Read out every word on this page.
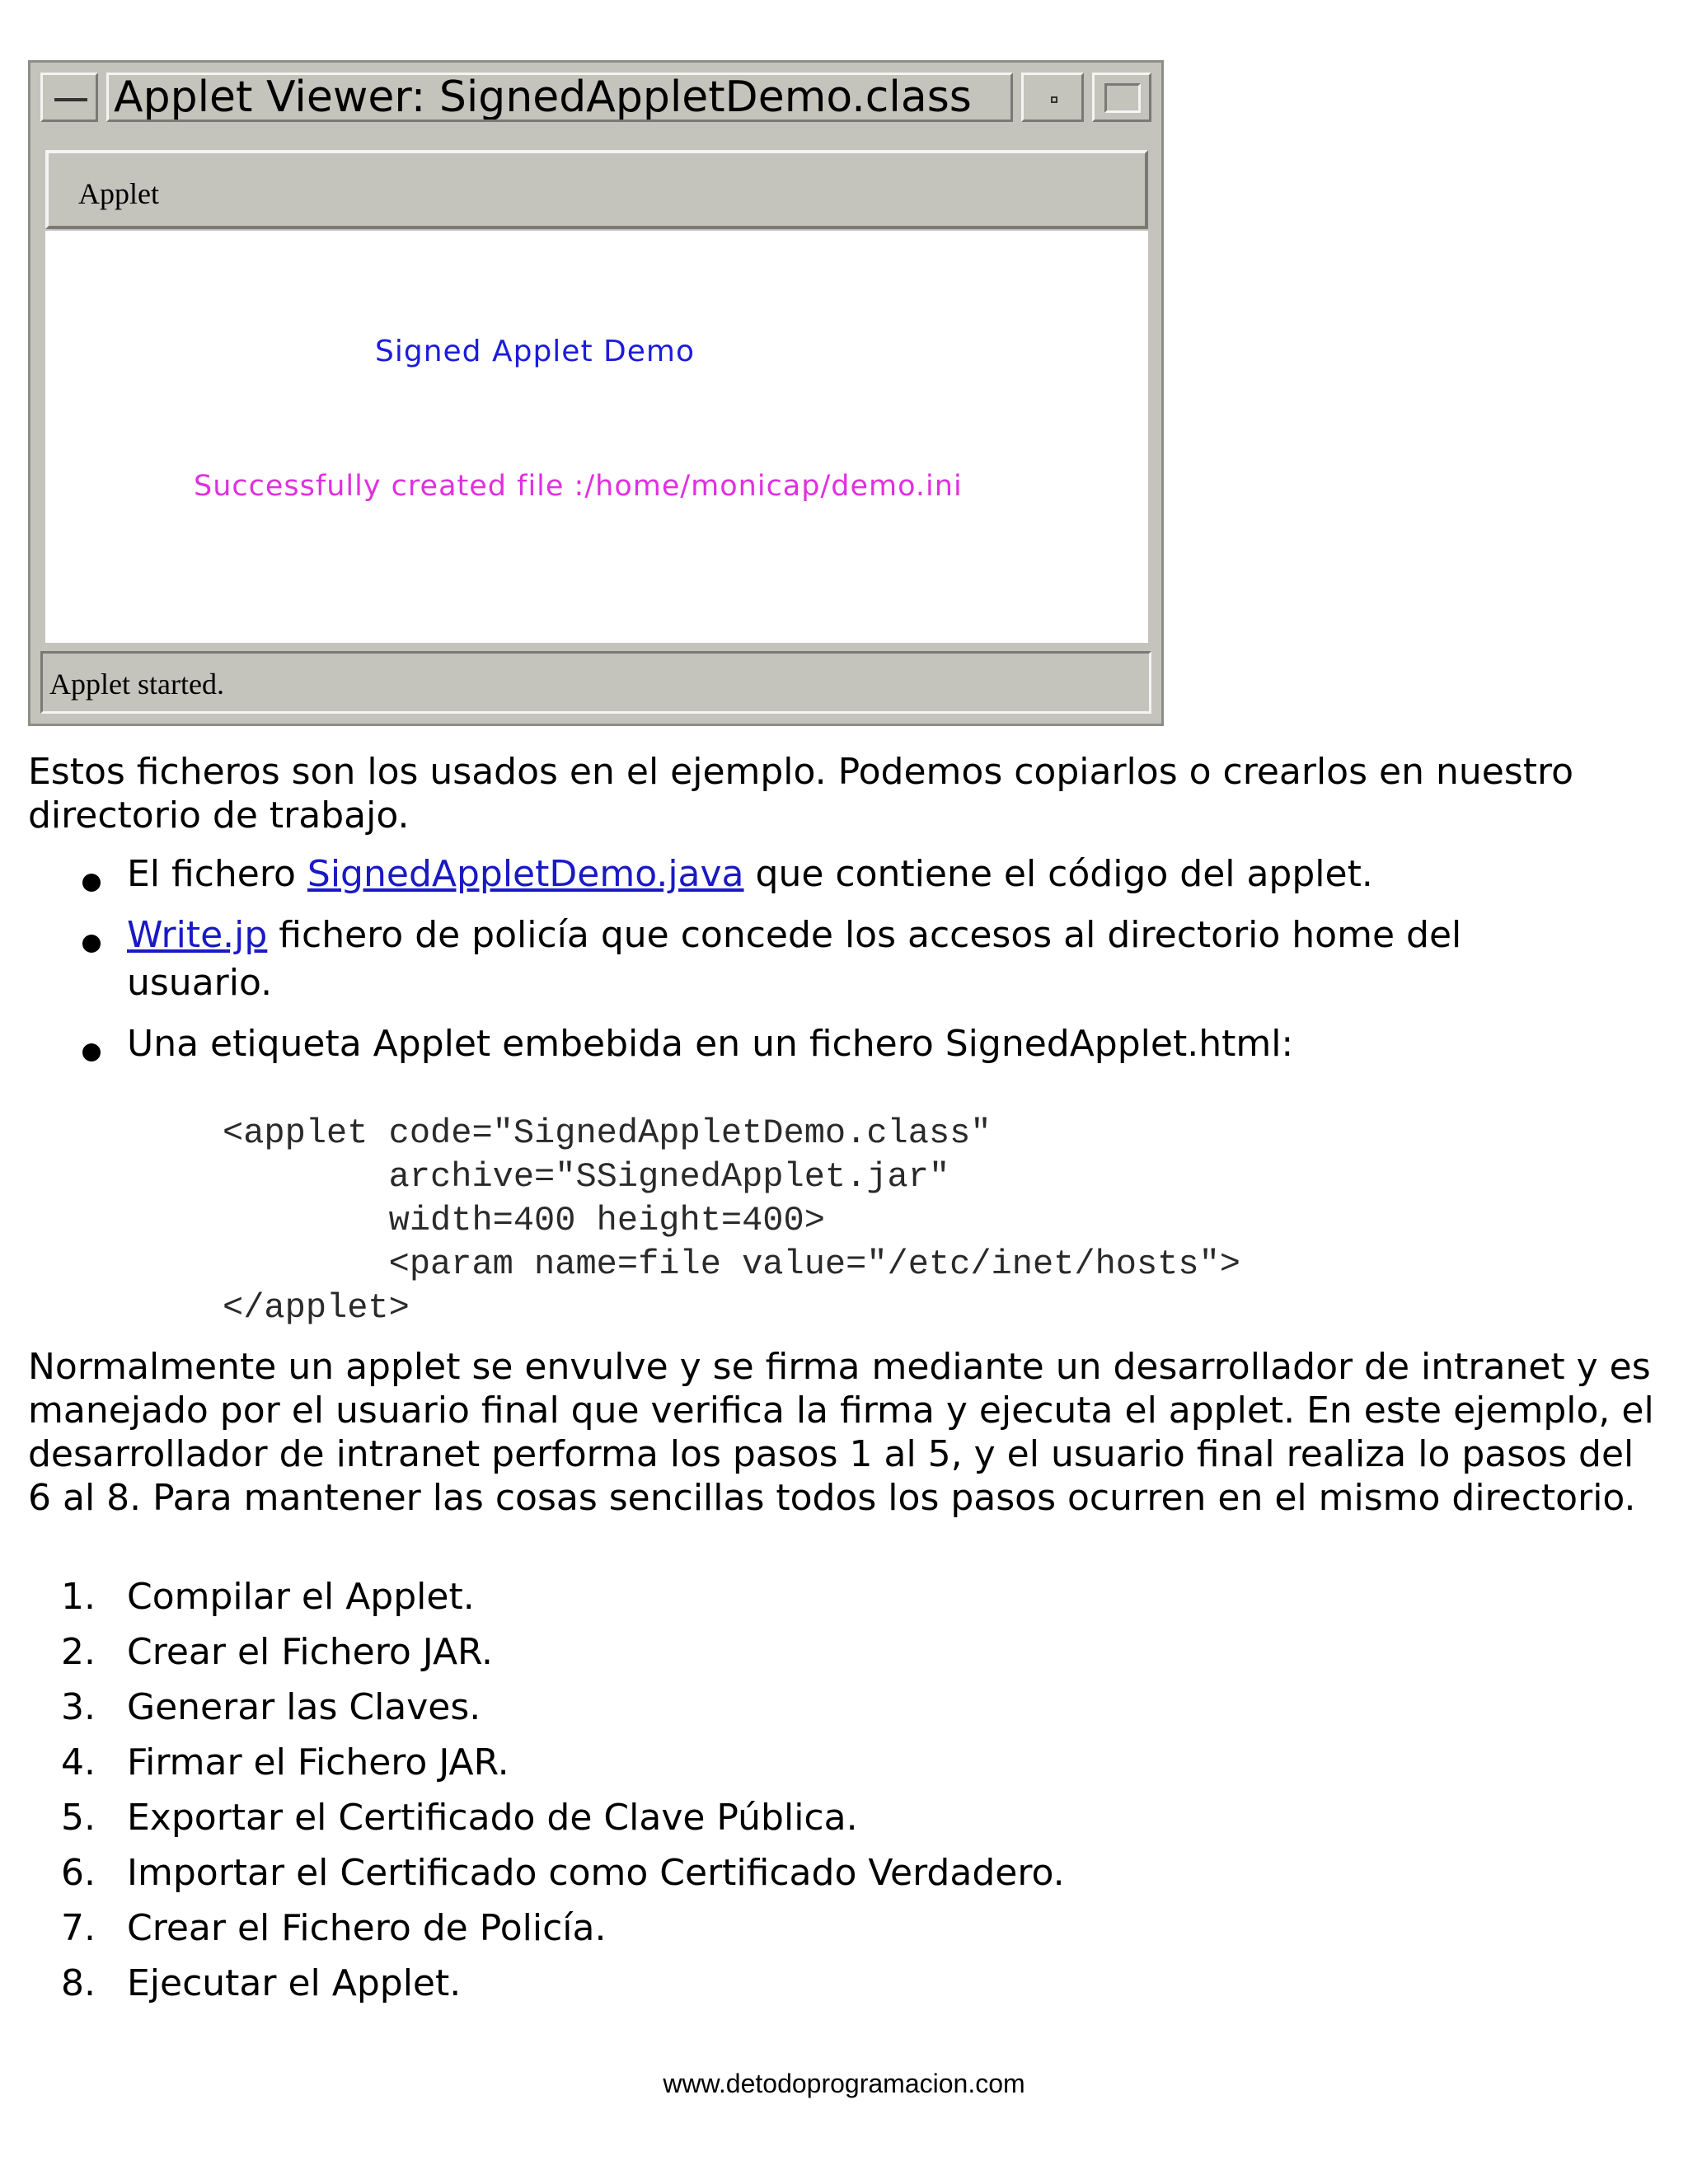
Applet Viewer: SignedAppletDemo.class
Applet
Signed Applet Demo
Successfully created file :/home/monicap/demo.ini
Applet started.
Estos ficheros son los usados en el ejemplo. Podemos copiarlos o crearlos en nuestro directorio de trabajo.
El fichero SignedAppletDemo.java que contiene el código del applet.
Write.jp fichero de policía que concede los accesos al directorio home del usuario.
Una etiqueta Applet embebida en un fichero SignedApplet.html:
<applet code="SignedAppletDemo.class"
archive="SSignedApplet.jar"
width=400 height=400>
<param name=file value="/etc/inet/hosts">
</applet>
Normalmente un applet se envulve y se firma mediante un desarrollador de intranet y es manejado por el usuario final que verifica la firma y ejecuta el applet. En este ejemplo, el desarrollador de intranet performa los pasos 1 al 5, y el usuario final realiza lo pasos del 6 al 8. Para mantener las cosas sencillas todos los pasos ocurren en el mismo directorio.
1. Compilar el Applet.
2. Crear el Fichero JAR.
3. Generar las Claves.
4. Firmar el Fichero JAR.
5. Exportar el Certificado de Clave Pública.
6. Importar el Certificado como Certificado Verdadero.
7. Crear el Fichero de Policía.
8. Ejecutar el Applet.
www.detodoprogramacion.com
